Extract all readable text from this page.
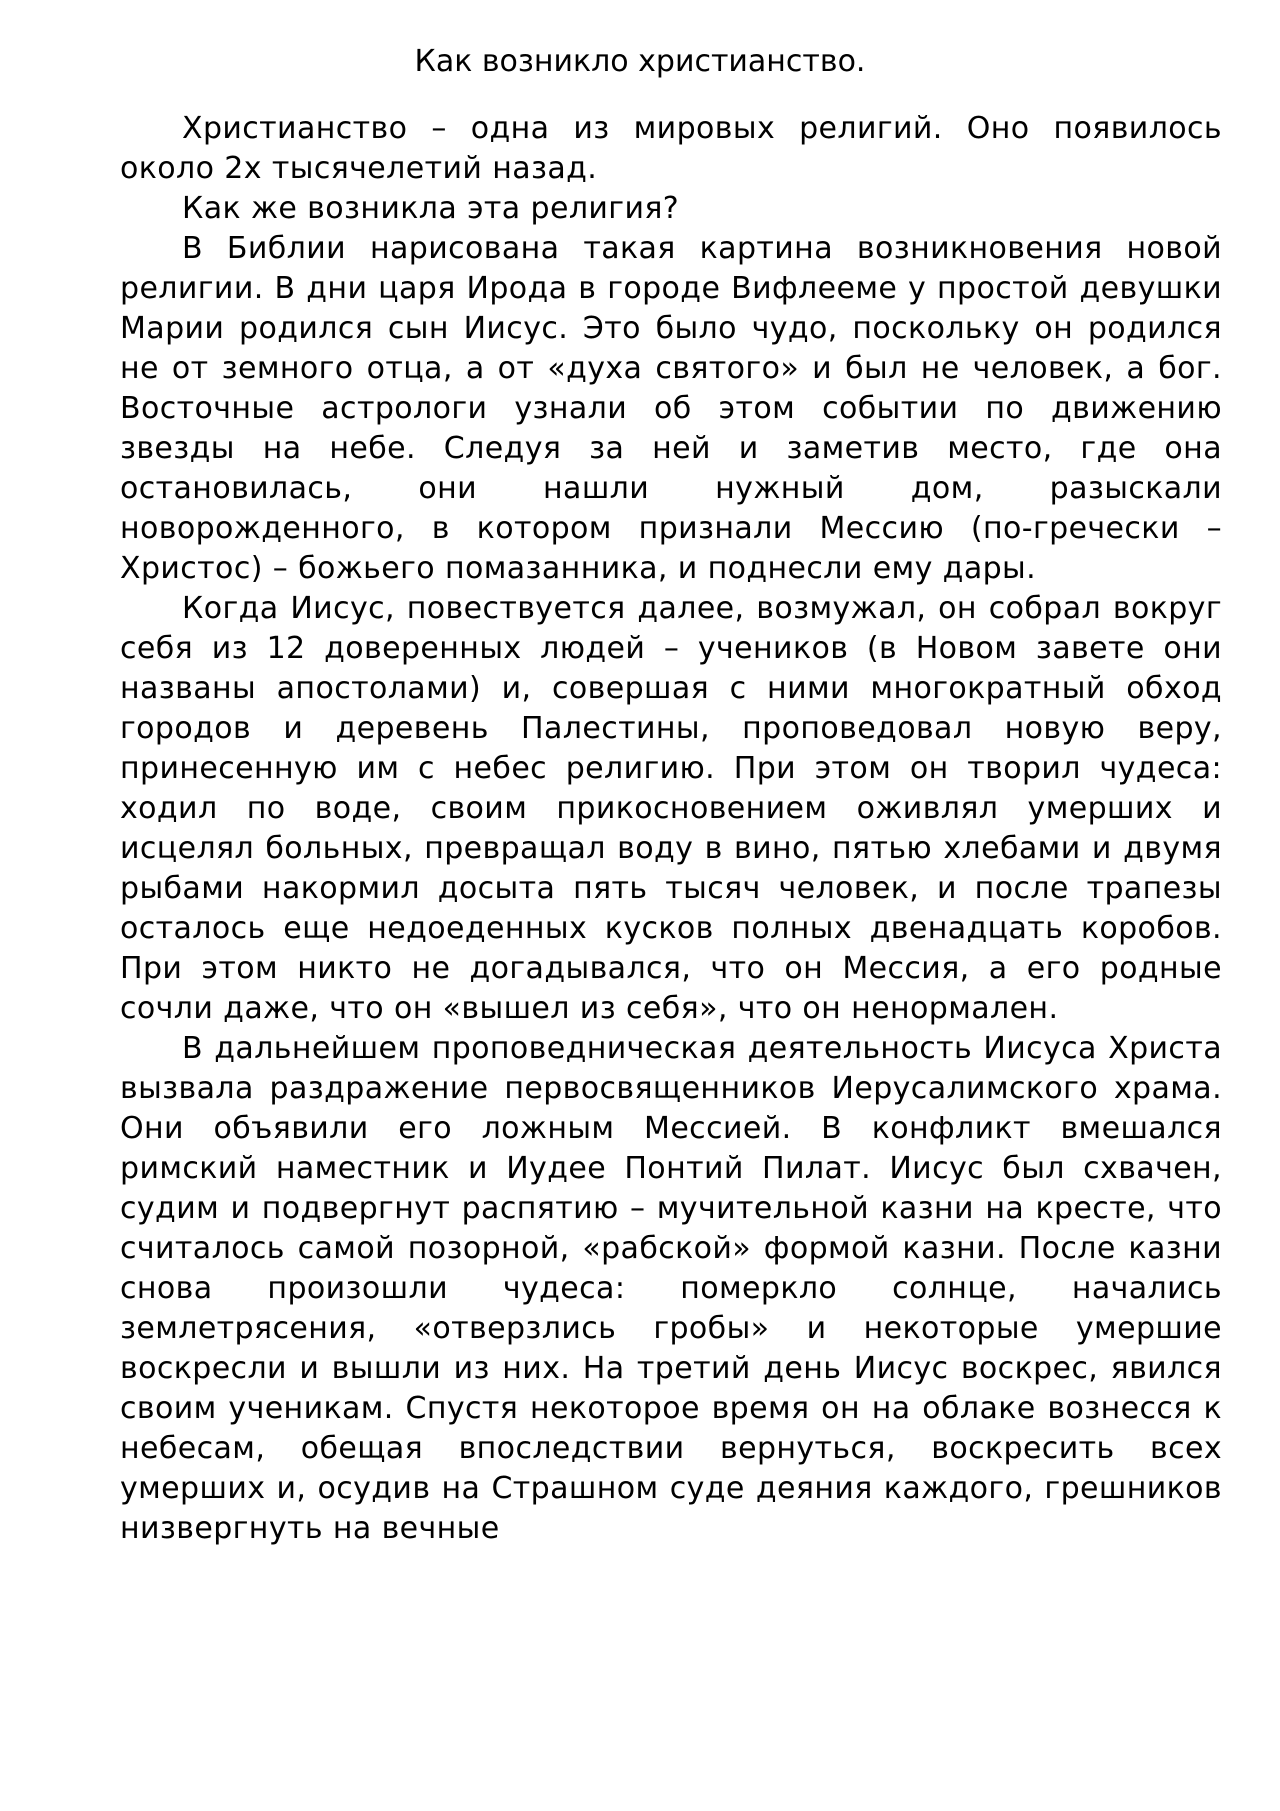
Как возникло христианство.

Христианство – одна из мировых религий. Оно появилось около 2х тысячелетий назад.

Как же возникла эта религия?

В Библии нарисована такая картина возникновения новой религии. В дни царя Ирода в городе Вифлееме у простой девушки Марии родился сын Иисус. Это было чудо, поскольку он родился не от земного отца, а от «духа святого» и был не человек, а бог. Восточные астрологи узнали об этом событии по движению звезды на небе. Следуя за ней и заметив место, где она остановилась, они нашли нужный дом, разыскали новорожденного, в котором признали Мессию (по-гречески – Христос) – божьего помазанника, и поднесли ему дары.

Когда Иисус, повествуется далее, возмужал, он собрал вокруг себя из 12 доверенных людей – учеников (в Новом завете они названы апостолами) и, совершая с ними многократный обход городов и деревень Палестины, проповедовал новую веру, принесенную им с небес религию. При этом он творил чудеса: ходил по воде, своим прикосновением оживлял умерших и исцелял больных, превращал воду в вино, пятью хлебами и двумя рыбами накормил досыта пять тысяч человек, и после трапезы осталось еще недоеденных кусков полных двенадцать коробов. При этом никто не догадывался, что он Мессия, а его родные сочли даже, что он «вышел из себя», что он ненормален.

В дальнейшем проповедническая деятельность Иисуса Христа вызвала раздражение первосвященников Иерусалимского храма. Они объявили его ложным Мессией. В конфликт вмешался римский наместник и Иудее Понтий Пилат. Иисус был схвачен, судим и подвергнут распятию – мучительной казни на кресте, что считалось самой позорной, «рабской» формой казни. После казни снова произошли чудеса: померкло солнце, начались землетрясения, «отверзлись гробы» и некоторые умершие воскресли и вышли из них. На третий день Иисус воскрес, явился своим ученикам. Спустя некоторое время он на облаке вознесся к небесам, обещая впоследствии вернуться, воскресить всех умерших и, осудив на Страшном суде деяния каждого, грешников низвергнуть на вечные
